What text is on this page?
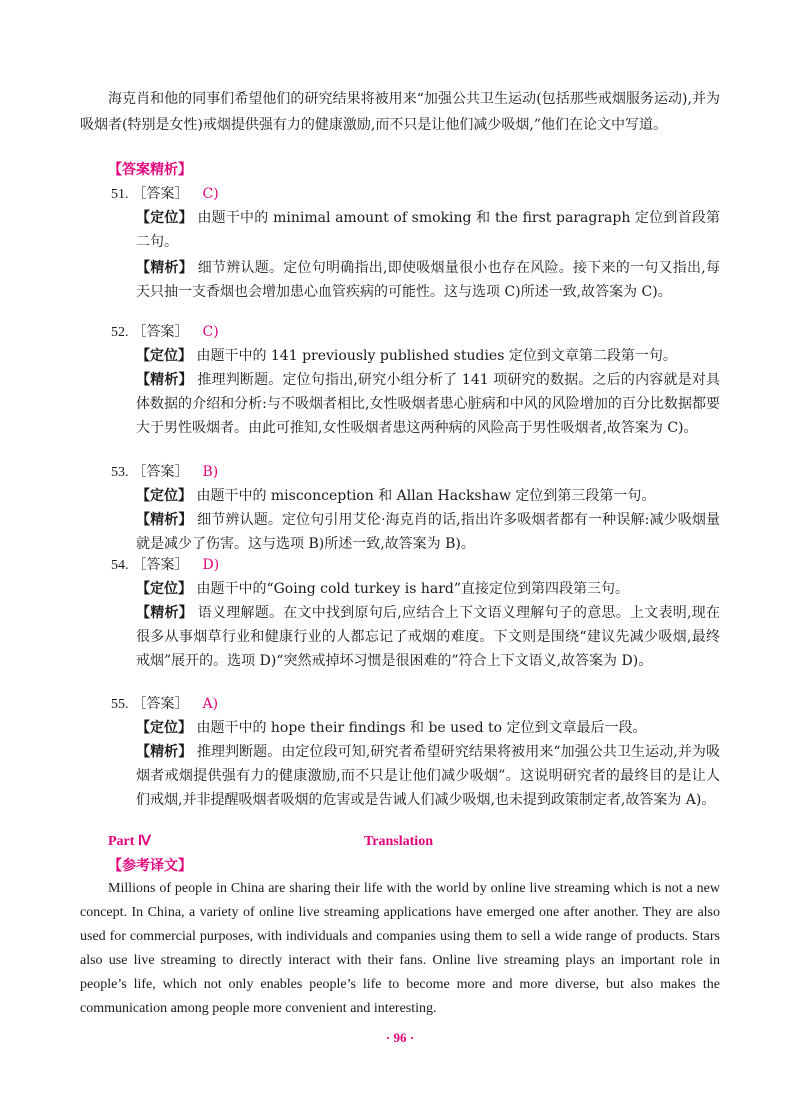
海克肖和他的同事们希望他们的研究结果将被用来“加强公共卫生运动(包括那些戒烟服务运动),并为吸烟者(特别是女性)戒烟提供强有力的健康激励,而不只是让他们减少吸烟,”他们在论文中写道。

【答案精析】
51. ［答案］ C)
【定位】 由题干中的 minimal amount of smoking 和 the first paragraph 定位到首段第二句。
【精析】 细节辨认题。定位句明确指出,即使吸烟量很小也存在风险。接下来的一句又指出,每天只抽一支香烟也会增加患心血管疾病的可能性。这与选项 C)所述一致,故答案为 C)。
52. ［答案］ C)
【定位】 由题干中的 141 previously published studies 定位到文章第二段第一句。
【精析】 推理判断题。定位句指出,研究小组分析了 141 项研究的数据。之后的内容就是对具体数据的介绍和分析:与不吸烟者相比,女性吸烟者患心脏病和中风的风险增加的百分比数据都要大于男性吸烟者。由此可推知,女性吸烟者患这两种病的风险高于男性吸烟者,故答案为 C)。
53. ［答案］ B)
【定位】 由题干中的 misconception 和 Allan Hackshaw 定位到第三段第一句。
【精析】 细节辨认题。定位句引用艾伦·海克肖的话,指出许多吸烟者都有一种误解:减少吸烟量就是减少了伤害。这与选项 B)所述一致,故答案为 B)。
54. ［答案］ D)
【定位】 由题干中的“Going cold turkey is hard”直接定位到第四段第三句。
【精析】 语义理解题。在文中找到原句后,应结合上下文语义理解句子的意思。上文表明,现在很多从事烟草行业和健康行业的人都忘记了戒烟的难度。下文则是围绕“建议先减少吸烟,最终戒烟”展开的。选项 D)“突然戒掉坏习惯是很困难的”符合上下文语义,故答案为 D)。
55. ［答案］ A)
【定位】 由题干中的 hope their findings 和 be used to 定位到文章最后一段。
【精析】 推理判断题。由定位段可知,研究者希望研究结果将被用来“加强公共卫生运动,并为吸烟者戒烟提供强有力的健康激励,而不只是让他们减少吸烟”。这说明研究者的最终目的是让人们戒烟,并非提醒吸烟者吸烟的危害或是告诫人们减少吸烟,也未提到政策制定者,故答案为 A)。
Part Ⅳ	Translation
【参考译文】

Millions of people in China are sharing their life with the world by online live streaming which is not a new concept. In China, a variety of online live streaming applications have emerged one after another. They are also used for commercial purposes, with individuals and companies using them to sell a wide range of products. Stars also use live streaming to directly interact with their fans. Online live streaming plays an important role in people’s life, which not only enables people’s life to become more and more diverse, but also makes the communication among people more convenient and interesting.

· 96 ·
